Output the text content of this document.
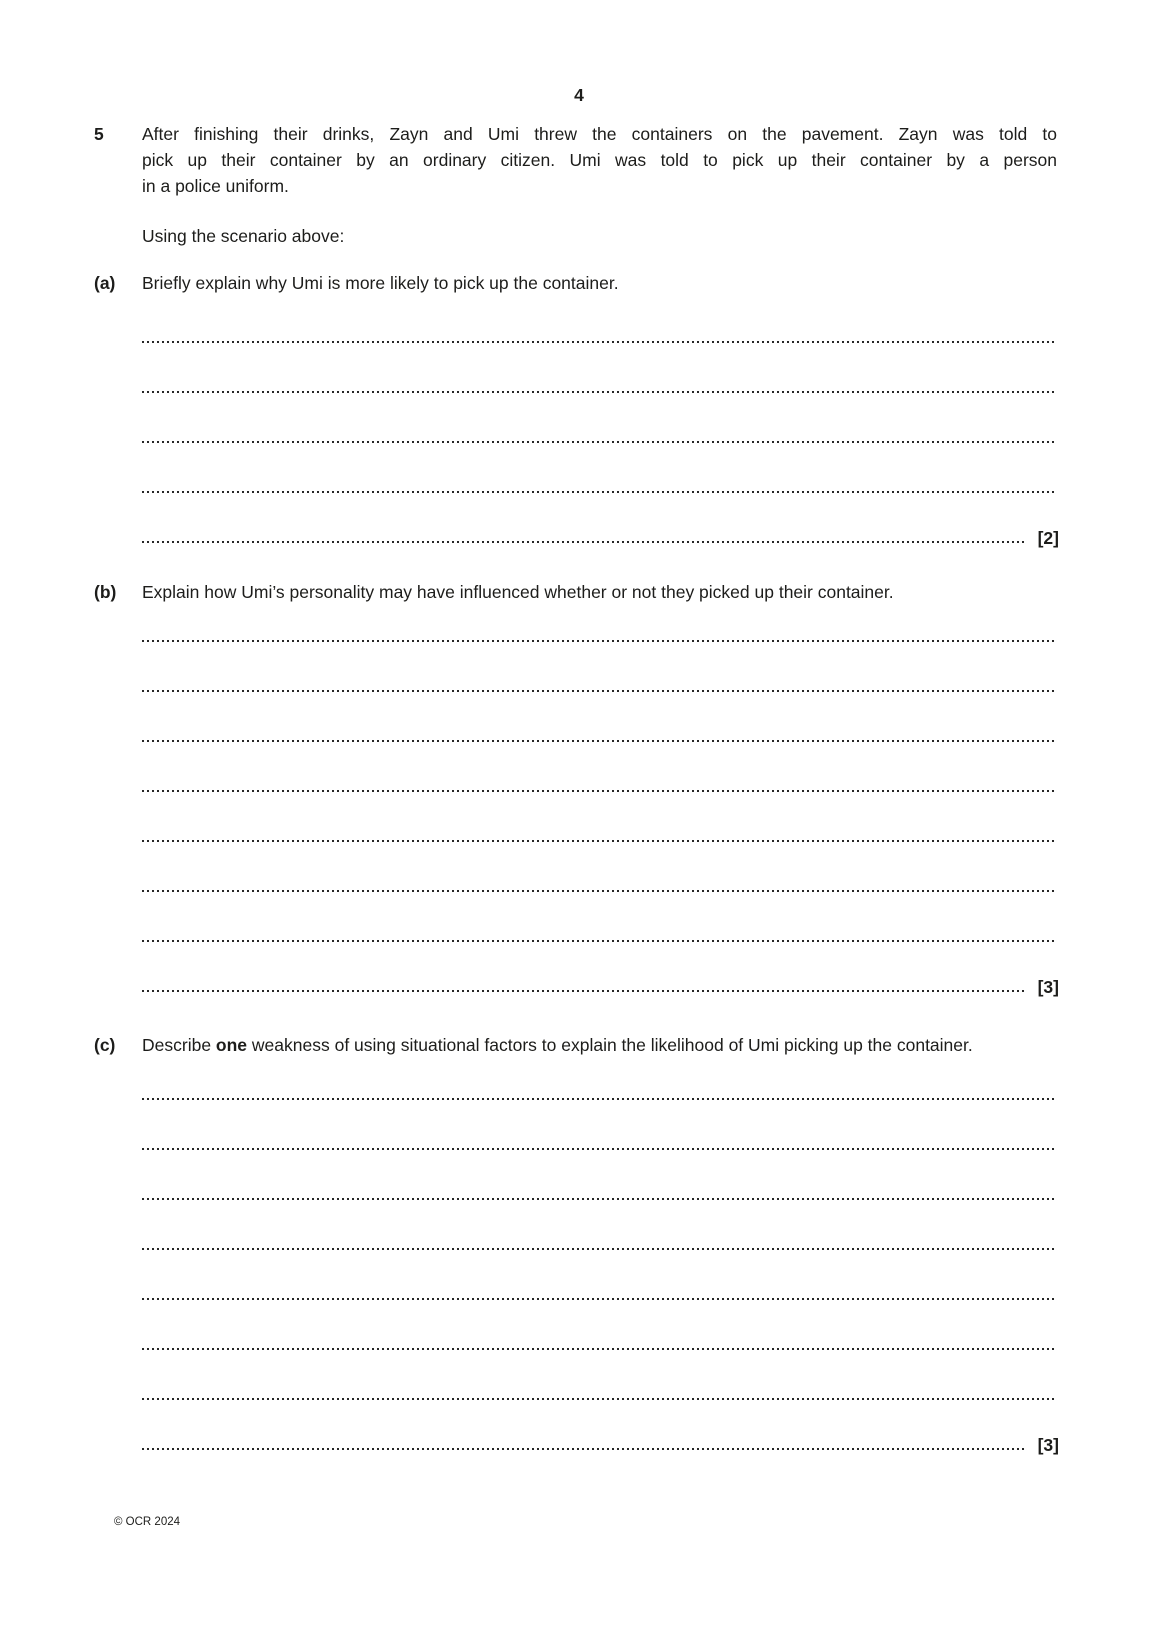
4
5	After finishing their drinks, Zayn and Umi threw the containers on the pavement. Zayn was told to
pick up their container by an ordinary citizen. Umi was told to pick up their container by a person
in a police uniform.
Using the scenario above:
(a)	Briefly explain why Umi is more likely to pick up the container.
[2]
(b)	Explain how Umi’s personality may have influenced whether or not they picked up their container.
[3]
(c)	Describe one weakness of using situational factors to explain the likelihood of Umi picking up the container.
[3]
© OCR 2024
